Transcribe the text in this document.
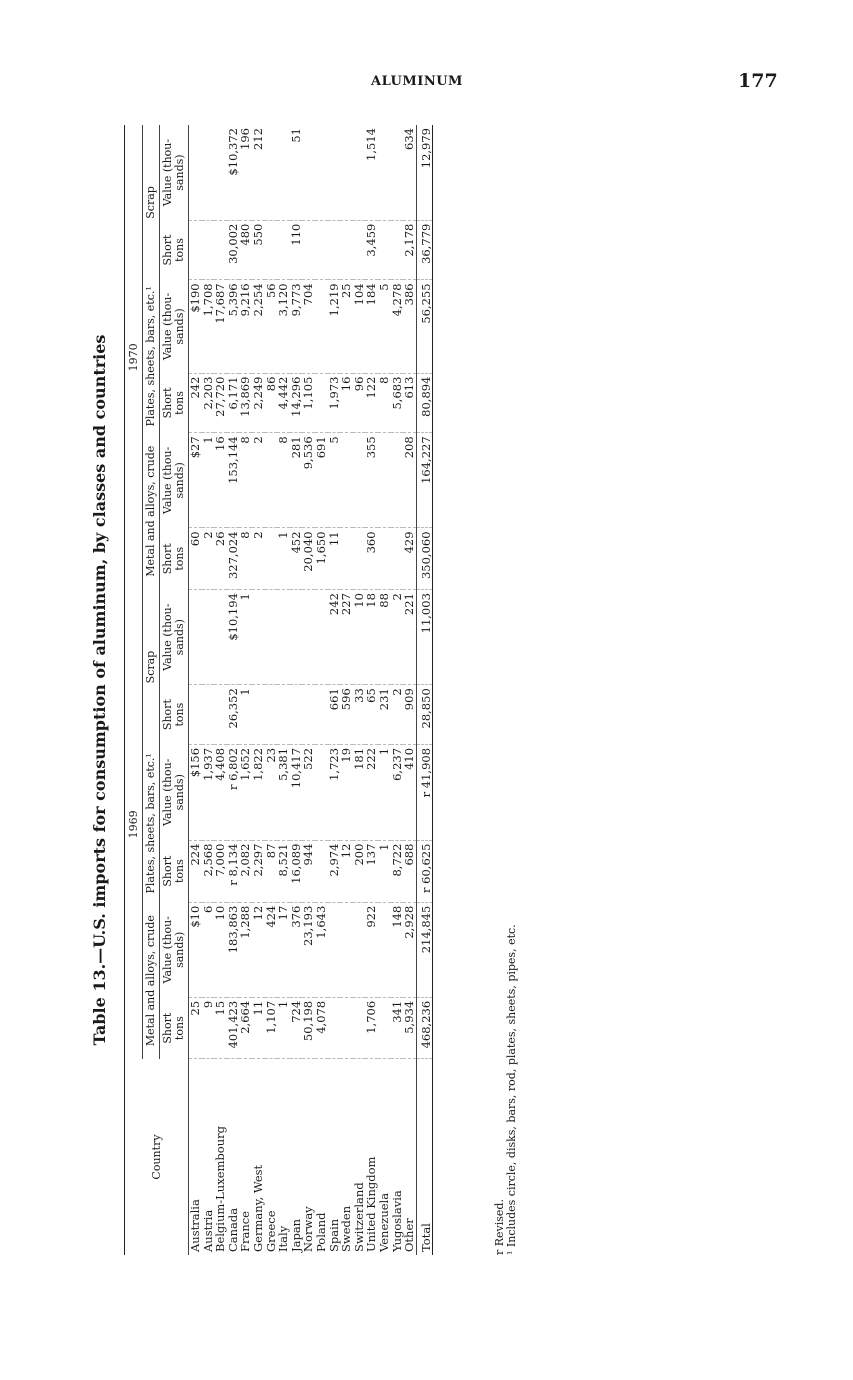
ALUMINUM	177
Table 13.—U.S. imports for consumption of aluminum, by classes and countries
Country	1969						1970					
	Metal and alloys, crude		Plates, sheets, bars, etc.¹		Scrap		Metal and alloys, crude		Plates, sheets, bars, etc.¹		Scrap	
	Short tons	Value (thou-sands)	Short tons	Value (thou-sands)	Short tons	Value (thou-sands)	Short tons	Value (thou-sands)	Short tons	Value (thou-sands)	Short tons	Value (thou-sands)
Australia	25	$10	224	$156			60	$27	242	$190		
Austria	9	6	2,568	1,937			2	1	2,203	1,708		
Belgium-Luxembourg	15	10	7,000	4,408			26	16	27,720	17,687		
Canada	401,423	183,863	r 8,134	r 6,802	26,352	$10,194	327,024	153,144	6,171	5,396	30,002	$10,372
France	2,664	1,288	2,082	1,652	1	1	8	8	13,869	9,216	480	196
Germany, West	11	12	2,297	1,822			2	2	2,249	2,254	550	212
Greece	1,107	424	87	23					86	56		
Italy	1	17	8,521	5,381			1	8	4,442	3,120		
Japan	724	376	16,089	10,417			452	281	14,296	9,773	110	51
Norway	50,198	23,193	944	522			20,040	9,536	1,105	704		
Poland	4,078	1,643					1,650	691				
Spain			2,974	1,723	661	242	11	5	1,973	1,219		
Sweden			12	19	596	227			16	25		
Switzerland			200	181	33	10			96	104		
United Kingdom	1,706	922	137	222	65	18	360	355	122	184	3,459	1,514
Venezuela			1	1	231	88			8	5		
Yugoslavia	341	148	8,722	6,237	2	2			5,683	4,278		
Other	5,934	2,928	688	410	909	221	429	208	613	386	2,178	634
Total	468,236	214,845	r 60,625	r 41,908	28,850	11,003	350,060	164,227	80,894	56,255	36,779	12,979
r Revised. ¹ Includes circle, disks, bars, rod, plates, sheets, pipes, etc.
